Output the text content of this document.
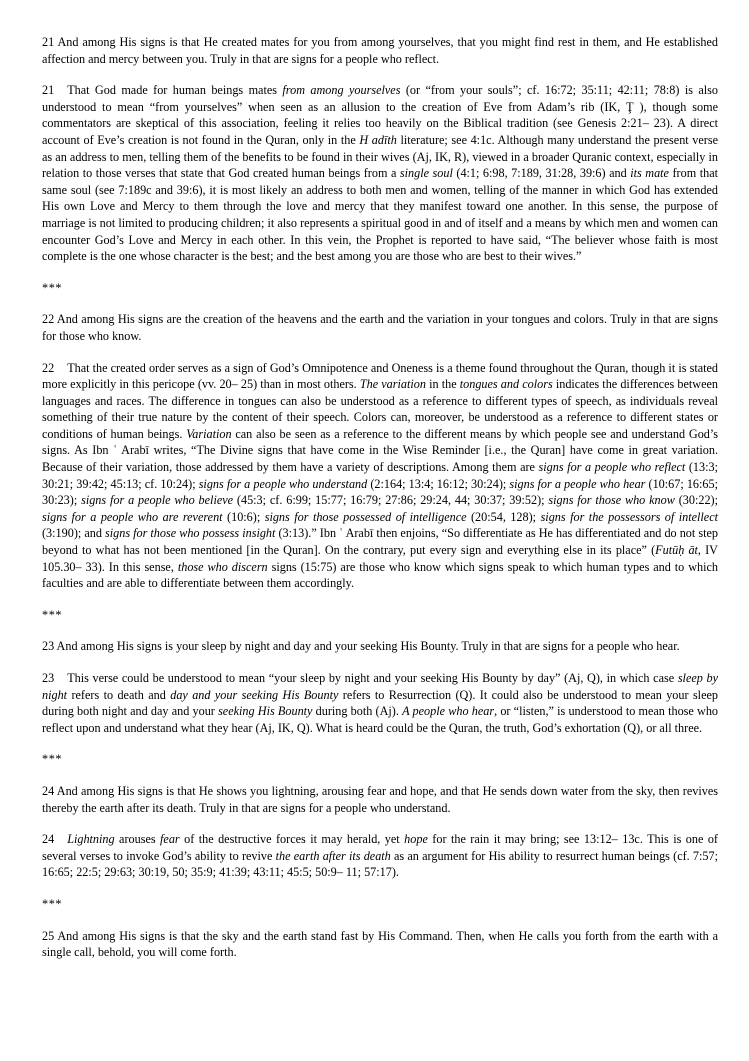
21 And among His signs is that He created mates for you from among yourselves, that you might find rest in them, and He established affection and mercy between you. Truly in that are signs for a people who reflect.

21 That God made for human beings mates from among yourselves (or “from your souls”; cf. 16:72; 35:11; 42:11; 78:8) is also understood to mean “from yourselves” when seen as an allusion to the creation of Eve from Adam’s rib (IK, Ţ ), though some commentators are skeptical of this association, feeling it relies too heavily on the Biblical tradition (see Genesis 2:21– 23). A direct account of Eve’s creation is not found in the Quran, only in the H adīth literature; see 4:1c. Although many understand the present verse as an address to men, telling them of the benefits to be found in their wives (Aj, IK, R), viewed in a broader Quranic context, especially in relation to those verses that state that God created human beings from a single soul (4:1; 6:98, 7:189, 31:28, 39:6) and its mate from that same soul (see 7:189c and 39:6), it is most likely an address to both men and women, telling of the manner in which God has extended His own Love and Mercy to them through the love and mercy that they manifest toward one another. In this sense, the purpose of marriage is not limited to producing children; it also represents a spiritual good in and of itself and a means by which men and women can encounter God’s Love and Mercy in each other. In this vein, the Prophet is reported to have said, “The believer whose faith is most complete is the one whose character is the best; and the best among you are those who are best to their wives.”

***

22 And among His signs are the creation of the heavens and the earth and the variation in your tongues and colors. Truly in that are signs for those who know.

22 That the created order serves as a sign of God’s Omnipotence and Oneness is a theme found throughout the Quran, though it is stated more explicitly in this pericope (vv. 20– 25) than in most others. The variation in the tongues and colors indicates the differences between languages and races. The difference in tongues can also be understood as a reference to different types of speech, as individuals reveal something of their true nature by the content of their speech. Colors can, moreover, be understood as a reference to different states or conditions of human beings. Variation can also be seen as a reference to the different means by which people see and understand God’s signs. As Ibn ʿ Arabī writes, “The Divine signs that have come in the Wise Reminder [i.e., the Quran] have come in great variation. Because of their variation, those addressed by them have a variety of descriptions. Among them are signs for a people who reflect (13:3; 30:21; 39:42; 45:13; cf. 10:24); signs for a people who understand (2:164; 13:4; 16:12; 30:24); signs for a people who hear (10:67; 16:65; 30:23); signs for a people who believe (45:3; cf. 6:99; 15:77; 16:79; 27:86; 29:24, 44; 30:37; 39:52); signs for those who know (30:22); signs for a people who are reverent (10:6); signs for those possessed of intelligence (20:54, 128); signs for the possessors of intellect (3:190); and signs for those who possess insight (3:13).” Ibn ʿ Arabī then enjoins, “So differentiate as He has differentiated and do not step beyond to what has not been mentioned [in the Quran]. On the contrary, put every sign and everything else in its place” (Futūḥ āt, IV 105.30– 33). In this sense, those who discern signs (15:75) are those who know which signs speak to which human types and to which faculties and are able to differentiate between them accordingly.

***

23 And among His signs is your sleep by night and day and your seeking His Bounty. Truly in that are signs for a people who hear.

23 This verse could be understood to mean “your sleep by night and your seeking His Bounty by day” (Aj, Q), in which case sleep by night refers to death and day and your seeking His Bounty refers to Resurrection (Q). It could also be understood to mean your sleep during both night and day and your seeking His Bounty during both (Aj). A people who hear, or “listen,” is understood to mean those who reflect upon and understand what they hear (Aj, IK, Q). What is heard could be the Quran, the truth, God’s exhortation (Q), or all three.

***

24 And among His signs is that He shows you lightning, arousing fear and hope, and that He sends down water from the sky, then revives thereby the earth after its death. Truly in that are signs for a people who understand.

24 Lightning arouses fear of the destructive forces it may herald, yet hope for the rain it may bring; see 13:12– 13c. This is one of several verses to invoke God’s ability to revive the earth after its death as an argument for His ability to resurrect human beings (cf. 7:57; 16:65; 22:5; 29:63; 30:19, 50; 35:9; 41:39; 43:11; 45:5; 50:9– 11; 57:17).

***

25 And among His signs is that the sky and the earth stand fast by His Command. Then, when He calls you forth from the earth with a single call, behold, you will come forth.
